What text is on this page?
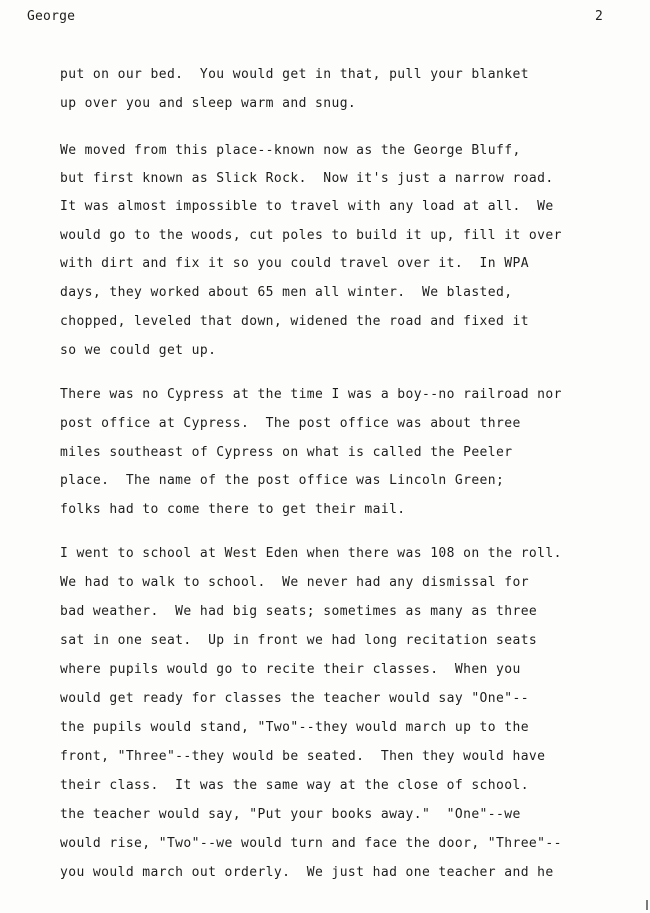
George	2
put on our bed.  You would get in that, pull your blanket
up over you and sleep warm and snug.
We moved from this place--known now as the George Bluff,
but first known as Slick Rock.  Now it's just a narrow road.
It was almost impossible to travel with any load at all.  We
would go to the woods, cut poles to build it up, fill it over
with dirt and fix it so you could travel over it.  In WPA
days, they worked about 65 men all winter.  We blasted,
chopped, leveled that down, widened the road and fixed it
so we could get up.
There was no Cypress at the time I was a boy--no railroad nor
post office at Cypress.  The post office was about three
miles southeast of Cypress on what is called the Peeler
place.  The name of the post office was Lincoln Green;
folks had to come there to get their mail.
I went to school at West Eden when there was 108 on the roll.
We had to walk to school.  We never had any dismissal for
bad weather.  We had big seats; sometimes as many as three
sat in one seat.  Up in front we had long recitation seats
where pupils would go to recite their classes.  When you
would get ready for classes the teacher would say "One"--
the pupils would stand, "Two"--they would march up to the
front, "Three"--they would be seated.  Then they would have
their class.  It was the same way at the close of school.
the teacher would say, "Put your books away."  "One"--we
would rise, "Two"--we would turn and face the door, "Three"--
you would march out orderly.  We just had one teacher and he
